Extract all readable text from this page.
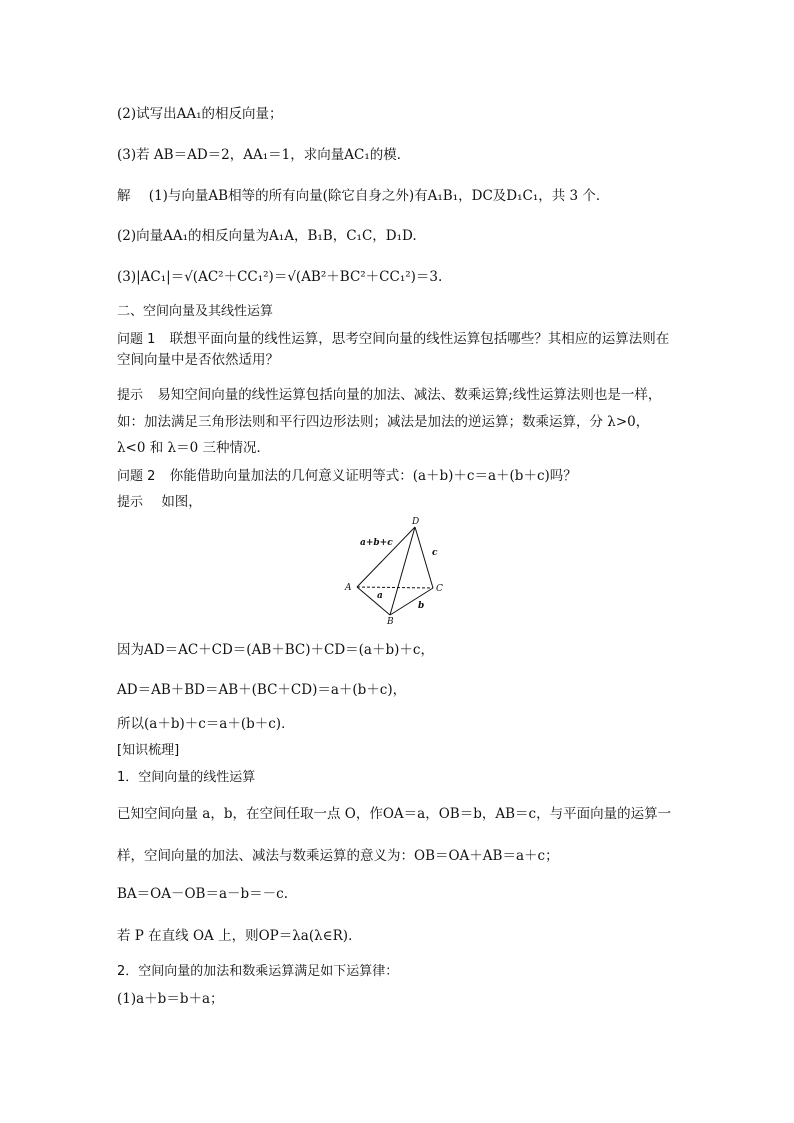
(2)试写出AA₁的相反向量；
(3)若 AB＝AD＝2，AA₁＝1，求向量AC₁的模．
解 (1)与向量AB相等的所有向量(除它自身之外)有A₁B₁，DC及D₁C₁，共 3 个．
(2)向量AA₁的相反向量为A₁A，B₁B，C₁C，D₁D.
(3)|AC₁|＝√(AC²＋CC₁²)＝√(AB²＋BC²＋CC₁²)＝3.
二、空间向量及其线性运算
问题 1 联想平面向量的线性运算，思考空间向量的线性运算包括哪些？其相应的运算法则在空间向量中是否依然适用？
提示 易知空间向量的线性运算包括向量的加法、减法、数乘运算;线性运算法则也是一样，如：加法满足三角形法则和平行四边形法则；减法是加法的逆运算；数乘运算，分 λ>0，λ<0 和 λ＝0 三种情况．
问题 2 你能借助向量加法的几何意义证明等式：(a＋b)＋c＝a＋(b＋c)吗？
提示 如图，
D
A
B
C
a+b+c
a
b
c
因为AD＝AC＋CD＝(AB＋BC)＋CD＝(a＋b)＋c，
AD＝AB＋BD＝AB＋(BC＋CD)＝a＋(b＋c)，
所以(a＋b)＋c＝a＋(b＋c)．
[知识梳理]
1．空间向量的线性运算
已知空间向量 a，b，在空间任取一点 O，作OA＝a，OB＝b，AB＝c，与平面向量的运算一
样，空间向量的加法、减法与数乘运算的意义为：OB＝OA＋AB＝a＋c；
BA＝OA－OB＝a－b＝－c.
若 P 在直线 OA 上，则OP＝λa(λ∈R)．
2．空间向量的加法和数乘运算满足如下运算律：
(1)a＋b＝b＋a；
